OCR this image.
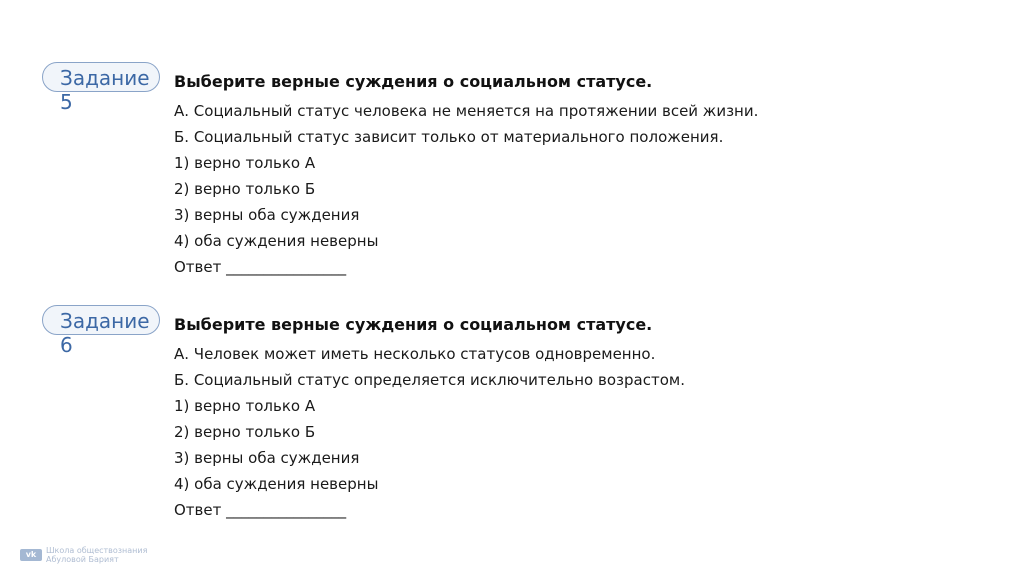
Задание 5
Выберите верные суждения о социальном статусе.
А. Социальный статус человека не меняется на протяжении всей жизни.
Б. Социальный статус зависит только от материального положения.
1) верно только А
2) верно только Б
3) верны оба суждения
4) оба суждения неверны
Ответ ________________
Задание 6
Выберите верные суждения о социальном статусе.
А. Человек может иметь несколько статусов одновременно.
Б. Социальный статус определяется исключительно возрастом.
1) верно только А
2) верно только Б
3) верны оба суждения
4) оба суждения неверны
Ответ ________________
vk	Школа обществознания
Абуловой Барият
